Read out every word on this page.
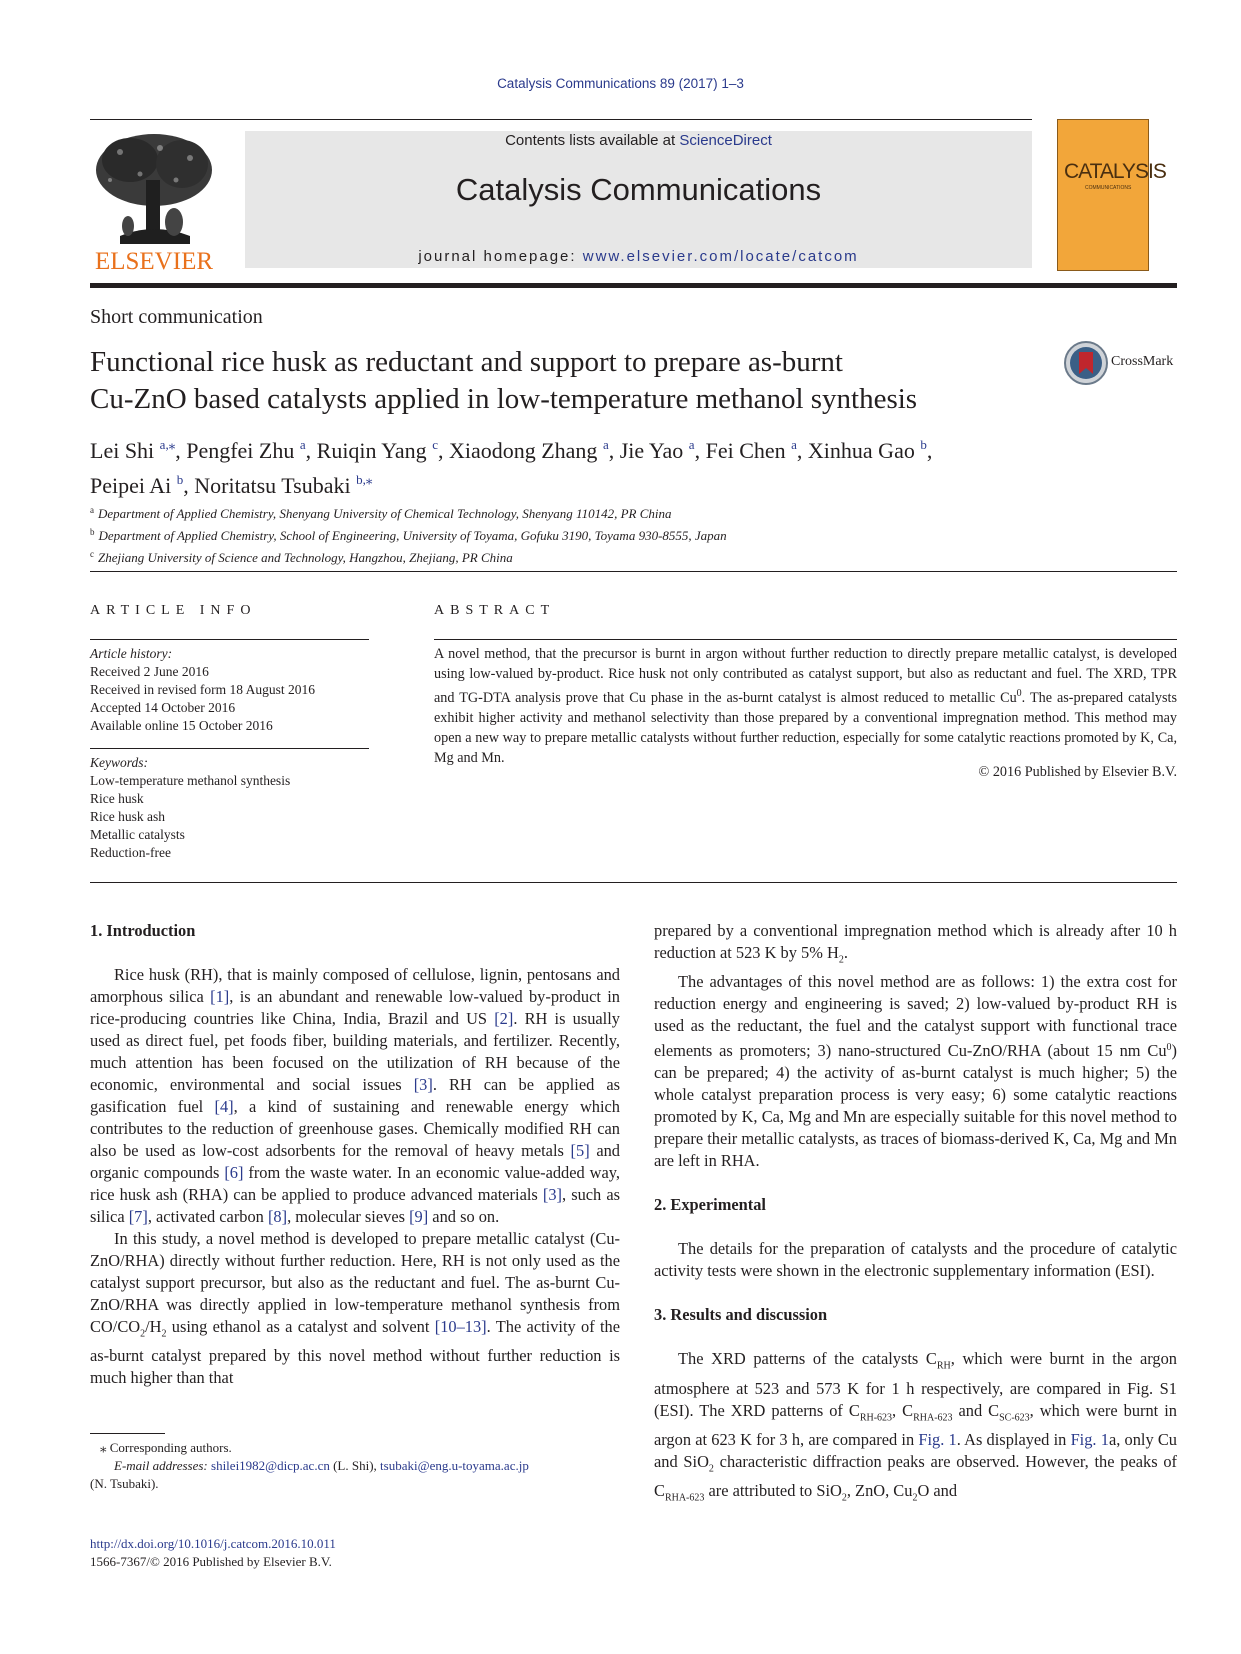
Catalysis Communications 89 (2017) 1–3
ELSEVIER
Contents lists available at ScienceDirect
Catalysis Communications
journal homepage: www.elsevier.com/locate/catcom
CATALYSIS
COMMUNICATIONS
Short communication
Functional rice husk as reductant and support to prepare as-burnt
Cu-ZnO based catalysts applied in low-temperature methanol synthesis
CrossMark
Lei Shi $^{a,⁎}$, Pengfei Zhu $^a$, Ruiqin Yang $^c$, Xiaodong Zhang $^a$, Jie Yao $^a$, Fei Chen $^a$, Xinhua Gao $^b$,
Peipei Ai $^b$, Noritatsu Tsubaki $^{b,⁎}$
$^a$ Department of Applied Chemistry, Shenyang University of Chemical Technology, Shenyang 110142, PR China
$^b$ Department of Applied Chemistry, School of Engineering, University of Toyama, Gofuku 3190, Toyama 930-8555, Japan
$^c$ Zhejiang University of Science and Technology, Hangzhou, Zhejiang, PR China
ARTICLE INFO	ABSTRACT
Article history:
Received 2 June 2016
Received in revised form 18 August 2016
Accepted 14 October 2016
Available online 15 October 2016
Keywords:
Low-temperature methanol synthesis
Rice husk
Rice husk ash
Metallic catalysts
Reduction-free
A novel method, that the precursor is burnt in argon without further reduction to directly prepare metallic catalyst, is developed using low-valued by-product. Rice husk not only contributed as catalyst support, but also as reductant and fuel. The XRD, TPR and TG-DTA analysis prove that Cu phase in the as-burnt catalyst is almost reduced to metallic Cu$^0$. The as-prepared catalysts exhibit higher activity and methanol selectivity than those prepared by a conventional impregnation method. This method may open a new way to prepare metallic catalysts without further reduction, especially for some catalytic reactions promoted by K, Ca, Mg and Mn.
© 2016 Published by Elsevier B.V.

1. Introduction

Rice husk (RH), that is mainly composed of cellulose, lignin, pentosans and amorphous silica [1], is an abundant and renewable low-valued by-product in rice-producing countries like China, India, Brazil and US [2]. RH is usually used as direct fuel, pet foods fiber, building materials, and fertilizer. Recently, much attention has been focused on the utilization of RH because of the economic, environmental and social issues [3]. RH can be applied as gasification fuel [4], a kind of sustaining and renewable energy which contributes to the reduction of greenhouse gases. Chemically modified RH can also be used as low-cost adsorbents for the removal of heavy metals [5] and organic compounds [6] from the waste water. In an economic value-added way, rice husk ash (RHA) can be applied to produce advanced materials [3], such as silica [7], activated carbon [8], molecular sieves [9] and so on.

In this study, a novel method is developed to prepare metallic catalyst (Cu-ZnO/RHA) directly without further reduction. Here, RH is not only used as the catalyst support precursor, but also as the reductant and fuel. The as-burnt Cu-ZnO/RHA was directly applied in low-temperature methanol synthesis from $CO/CO_2/H_2$ using ethanol as a catalyst and solvent [10–13]. The activity of the as-burnt catalyst prepared by this novel method without further reduction is much higher than that

prepared by a conventional impregnation method which is already after 10 h reduction at 523 K by 5% $H_2$.

The advantages of this novel method are as follows: 1) the extra cost for reduction energy and engineering is saved; 2) low-valued by-product RH is used as the reductant, the fuel and the catalyst support with functional trace elements as promoters; 3) nano-structured Cu-ZnO/RHA (about 15 nm Cu$^0$) can be prepared; 4) the activity of as-burnt catalyst is much higher; 5) the whole catalyst preparation process is very easy; 6) some catalytic reactions promoted by K, Ca, Mg and Mn are especially suitable for this novel method to prepare their metallic catalysts, as traces of biomass-derived K, Ca, Mg and Mn are left in RHA.

2. Experimental

The details for the preparation of catalysts and the procedure of catalytic activity tests were shown in the electronic supplementary information (ESI).

3. Results and discussion

The XRD patterns of the catalysts $C_{RH}$, which were burnt in the argon atmosphere at 523 and 573 K for 1 h respectively, are compared in Fig. S1 (ESI). The XRD patterns of $C_{RH-623}$, $C_{RHA-623}$ and $C_{SC-623}$, which were burnt in argon at 623 K for 3 h, are compared in Fig. 1. As displayed in Fig. 1a, only Cu and SiO$_2$ characteristic diffraction peaks are observed. However, the peaks of $C_{RHA-623}$ are attributed to SiO$_2$, ZnO, $Cu_2O$ and

⁎ Corresponding authors.
E-mail addresses: shilei1982@dicp.ac.cn (L. Shi), tsubaki@eng.u-toyama.ac.jp
(N. Tsubaki).
http://dx.doi.org/10.1016/j.catcom.2016.10.011
1566-7367/© 2016 Published by Elsevier B.V.
